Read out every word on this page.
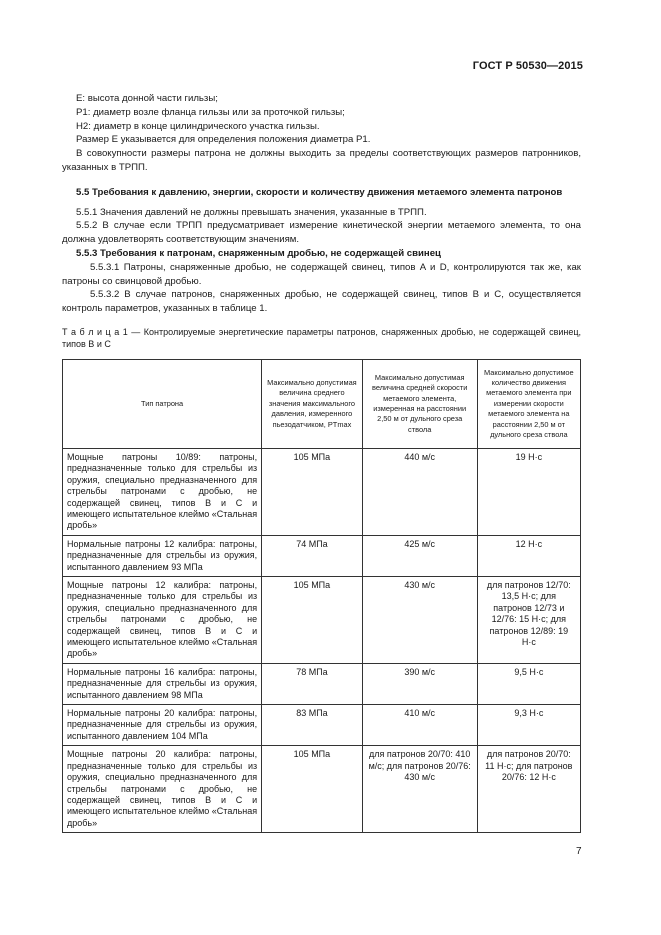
ГОСТ Р 50530—2015

E: высота донной части гильзы;

P1: диаметр возле фланца гильзы или за проточкой гильзы;

H2: диаметр в конце цилиндрического участка гильзы.

Размер E указывается для определения положения диаметра P1.

В совокупности размеры патрона не должны выходить за пределы соответствующих размеров патронников, указанных в ТРПП.

5.5 Требования к давлению, энергии, скорости и количеству движения метаемого элемента патронов

5.5.1 Значения давлений не должны превышать значения, указанные в ТРПП.

5.5.2 В случае если ТРПП предусматривает измерение кинетической энергии метаемого элемента, то она должна удовлетворять соответствующим значениям.

5.5.3 Требования к патронам, снаряженным дробью, не содержащей свинец

5.5.3.1 Патроны, снаряженные дробью, не содержащей свинец, типов A и D, контролируются так же, как патроны со свинцовой дробью.

5.5.3.2 В случае патронов, снаряженных дробью, не содержащей свинец, типов B и C, осуществляется контроль параметров, указанных в таблице 1.

Т а б л и ц а 1 — Контролируемые энергетические параметры патронов, снаряженных дробью, не содержащей свинец, типов B и C

Тип патрона	Максимально допустимая величина среднего значения максимального давления, измеренного пьезодатчиком, PTmax	Максимально допустимая величина средней скорости метаемого элемента, измеренная на расстоянии 2,50 м от дульного среза ствола	Максимально допустимое количество движения метаемого элемента при измерении скорости метаемого элемента на расстоянии 2,50 м от дульного среза ствола
Мощные патроны 10/89: патроны, предназначенные только для стрельбы из оружия, специально предназначенного для стрельбы патронами с дробью, не содержащей свинец, типов B и C и имеющего испытательное клеймо «Стальная дробь»	105 МПа	440 м/с	19 Н·с
Нормальные патроны 12 калибра: патроны, предназначенные для стрельбы из оружия, испытанного давлением 93 МПа	74 МПа	425 м/с	12 Н·с
Мощные патроны 12 калибра: патроны, предназначенные только для стрельбы из оружия, специально предназначенного для стрельбы патронами с дробью, не содержащей свинец, типов B и C и имеющего испытательное клеймо «Стальная дробь»	105 МПа	430 м/с	для патронов 12/70: 13,5 Н·с; для патронов 12/73 и 12/76: 15 Н·с; для патронов 12/89: 19 Н·с
Нормальные патроны 16 калибра: патроны, предназначенные для стрельбы из оружия, испытанного давлением 98 МПа	78 МПа	390 м/с	9,5 Н·с
Нормальные патроны 20 калибра: патроны, предназначенные для стрельбы из оружия, испытанного давлением 104 МПа	83 МПа	410 м/с	9,3 Н·с
Мощные патроны 20 калибра: патроны, предназначенные только для стрельбы из оружия, специально предназначенного для стрельбы патронами с дробью, не содержащей свинец, типов B и C и имеющего испытательное клеймо «Стальная дробь»	105 МПа	для патронов 20/70: 410 м/с; для патронов 20/76: 430 м/с	для патронов 20/70: 11 Н·с; для патронов 20/76: 12 Н·с
7
